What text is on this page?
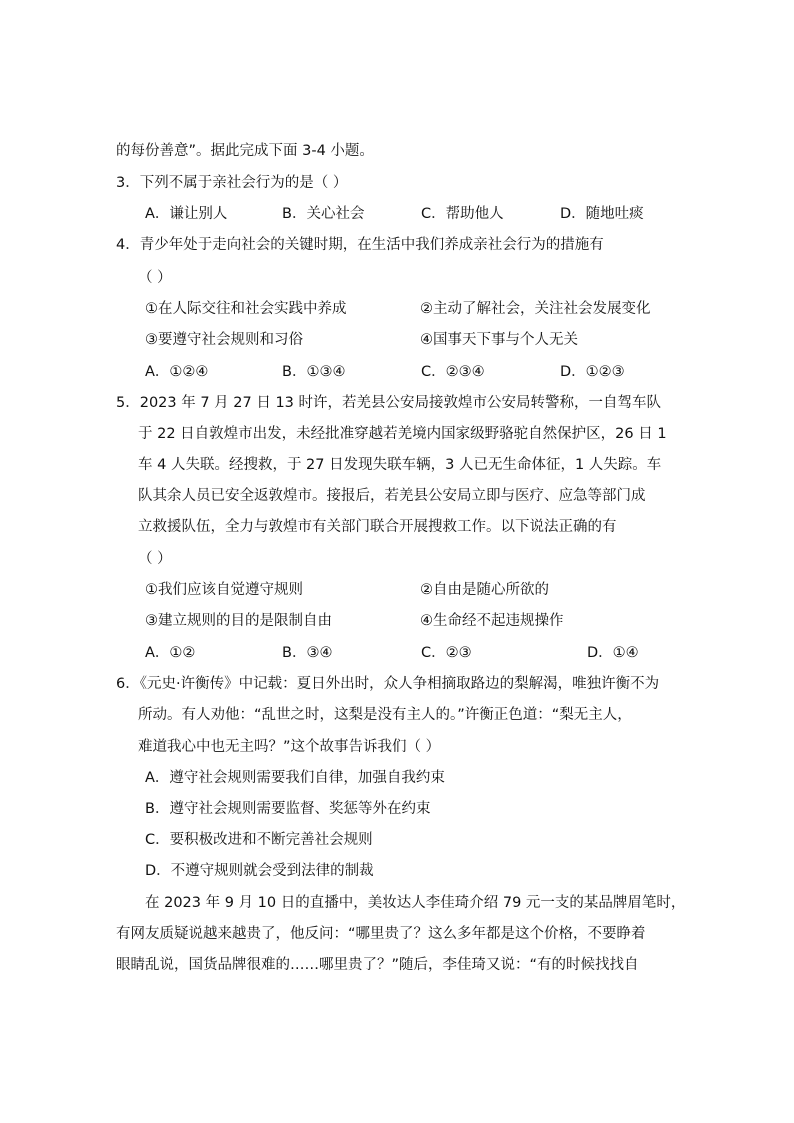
的每份善意”。据此完成下面 3-4 小题。
3．下列不属于亲社会行为的是（ ）
A．谦让别人	B．关心社会	C．帮助他人	D．随地吐痰
4．青少年处于走向社会的关键时期，在生活中我们养成亲社会行为的措施有
（ ）
①在人际交往和社会实践中养成	②主动了解社会，关注社会发展变化
③要遵守社会规则和习俗	④国事天下事与个人无关
A．①②④	B．①③④	C．②③④	D．①②③
5．2023 年 7 月 27 日 13 时许，若羌县公安局接敦煌市公安局转警称，一自驾车队
于 22 日自敦煌市出发，未经批准穿越若羌境内国家级野骆驼自然保护区，26 日 1
车 4 人失联。经搜救，于 27 日发现失联车辆，3 人已无生命体征，1 人失踪。车
队其余人员已安全返敦煌市。接报后，若羌县公安局立即与医疗、应急等部门成
立救援队伍，全力与敦煌市有关部门联合开展搜救工作。以下说法正确的有
（ ）
①我们应该自觉遵守规则	②自由是随心所欲的
③建立规则的目的是限制自由	④生命经不起违规操作
A．①②	B．③④	C．②③	D．①④
6．《元史·许衡传》中记载：夏日外出时，众人争相摘取路边的梨解渴，唯独许衡不为
所动。有人劝他：“乱世之时，这梨是没有主人的。”许衡正色道：“梨无主人，
难道我心中也无主吗？”这个故事告诉我们（ ）
A．遵守社会规则需要我们自律，加强自我约束
B．遵守社会规则需要监督、奖惩等外在约束
C．要积极改进和不断完善社会规则
D．不遵守规则就会受到法律的制裁
在 2023 年 9 月 10 日的直播中，美妆达人李佳琦介绍 79 元一支的某品牌眉笔时，
有网友质疑说越来越贵了，他反问：“哪里贵了？这么多年都是这个价格，不要睁着
眼睛乱说，国货品牌很难的……哪里贵了？”随后，李佳琦又说：“有的时候找找自
